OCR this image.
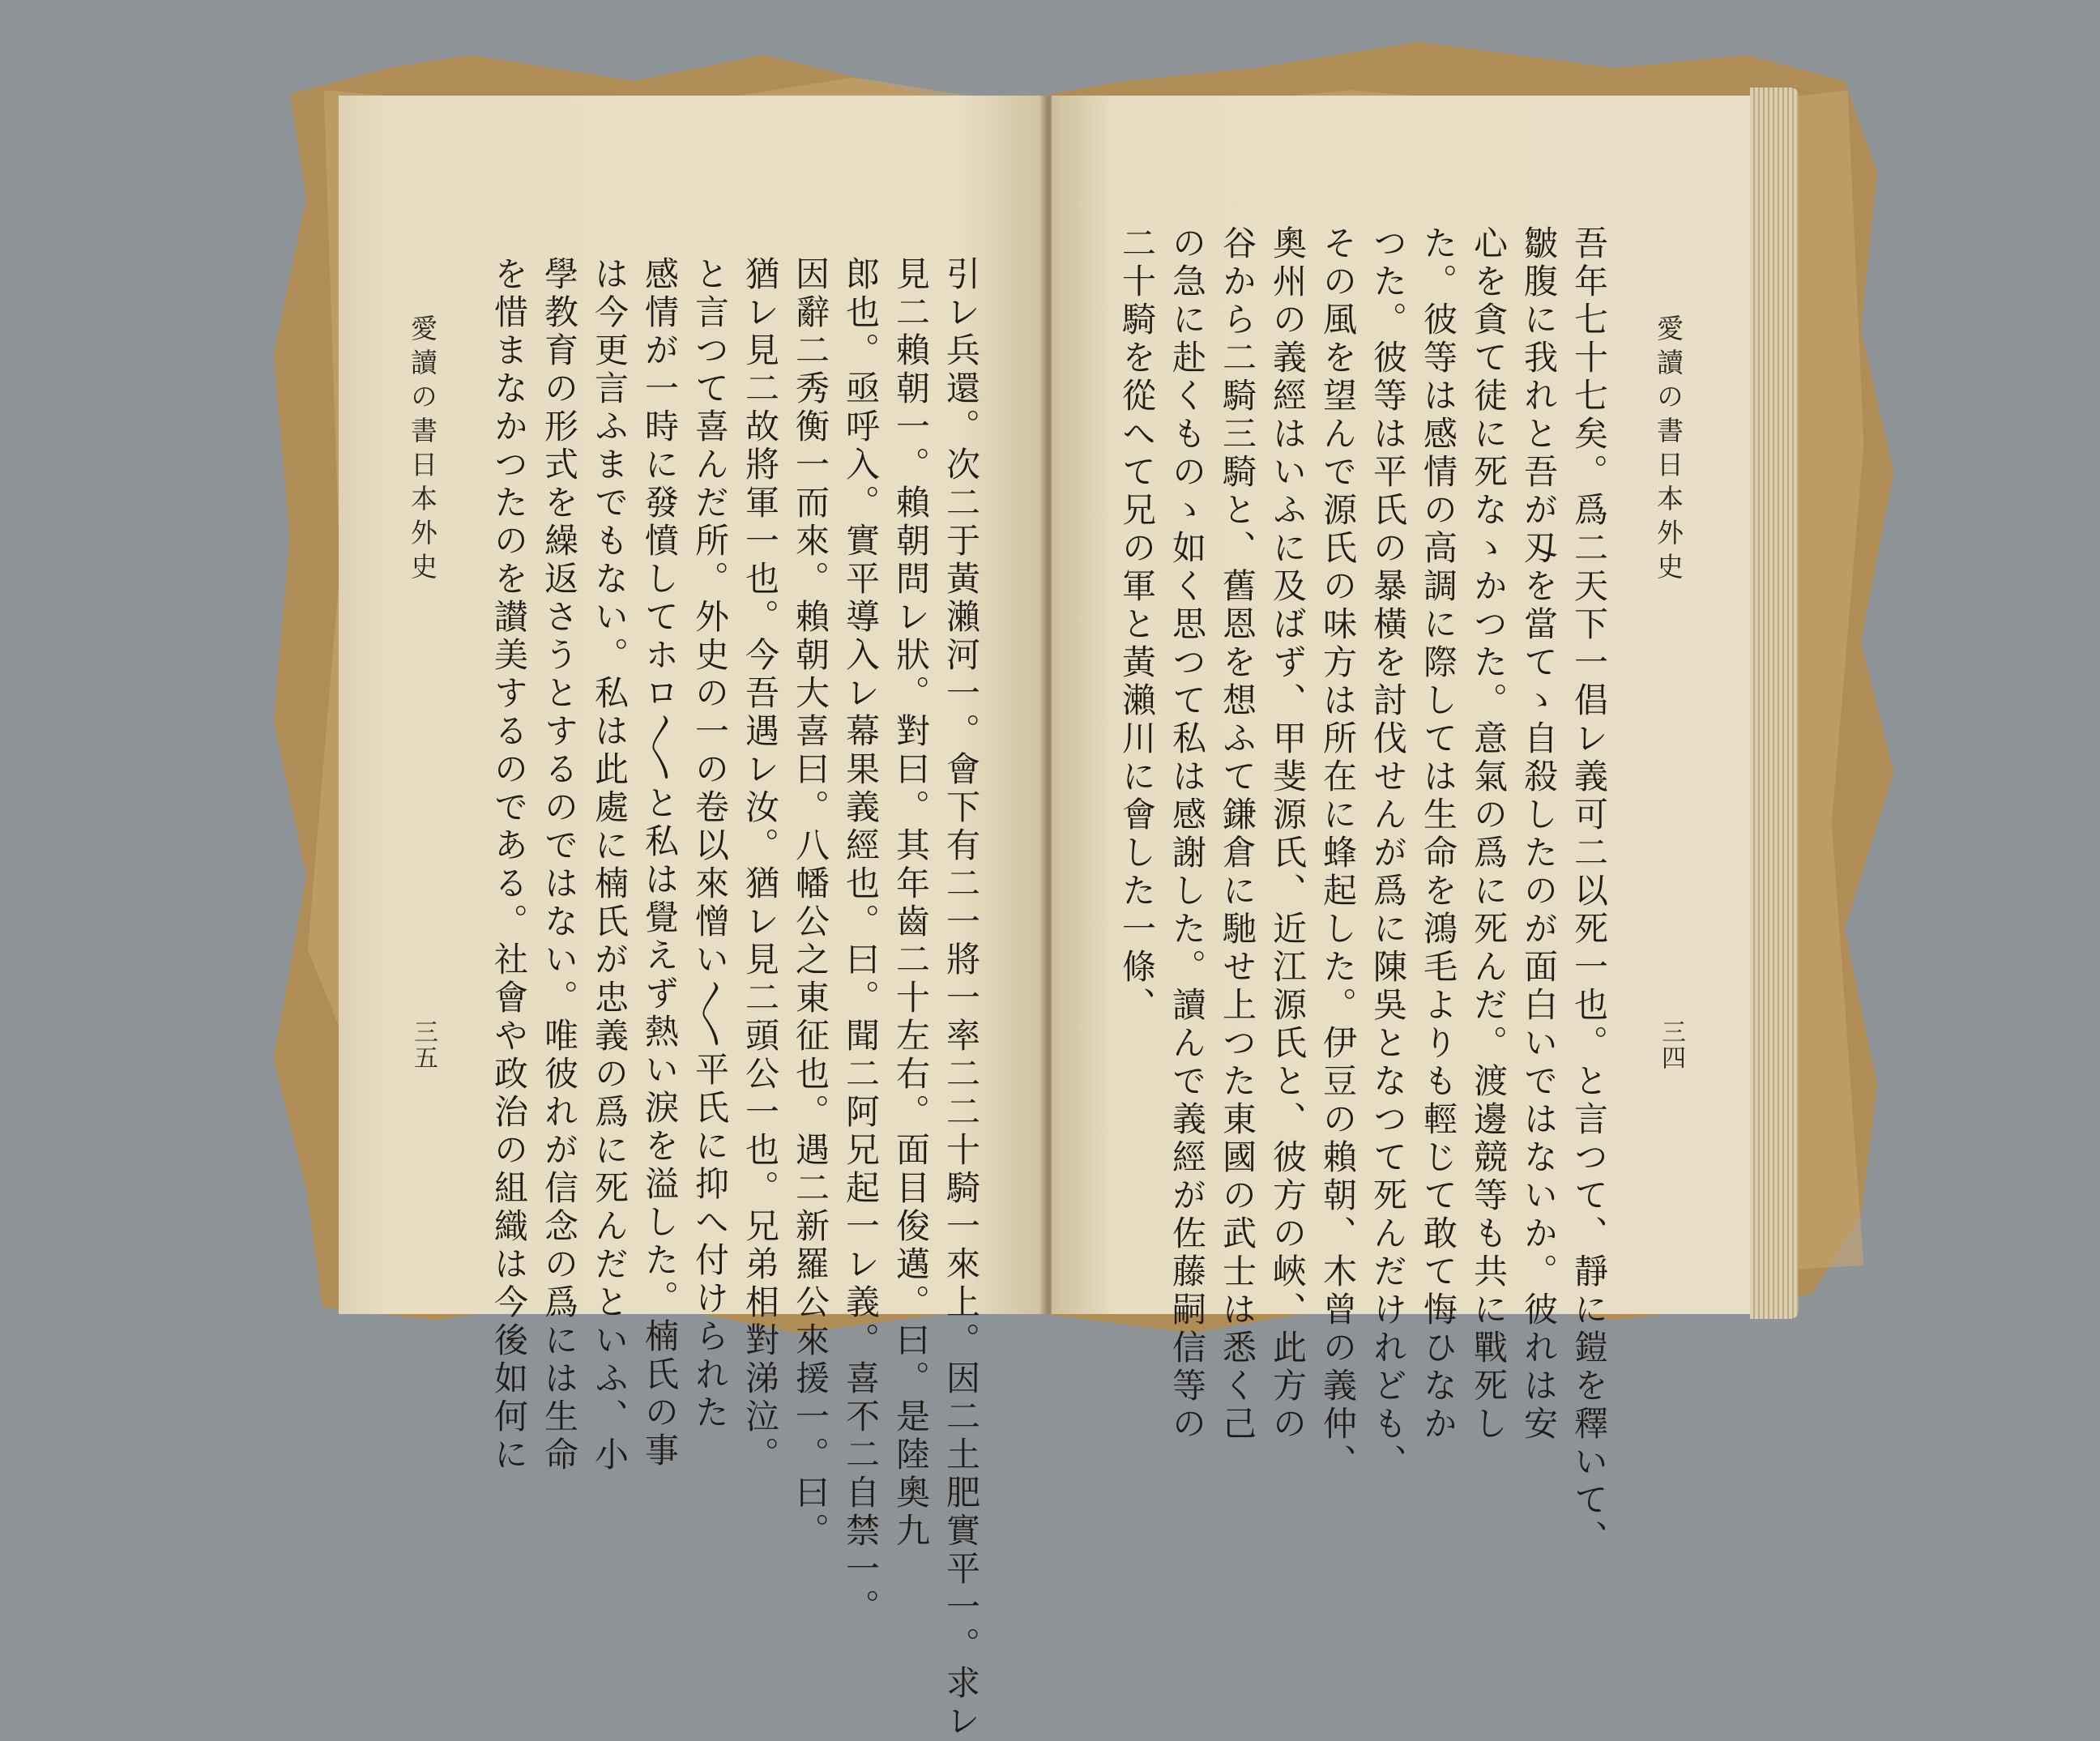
引レ兵還。次二于黃瀨河一。會下有二一將一率二二十騎一來上。因二土肥實平一。求レ
見二賴朝一。賴朝問レ狀。對曰。其年齒二十左右。面目俊邁。曰。是陸奧九
郎也。亟呼入。實平導入レ幕果義經也。曰。聞二阿兄起一レ義。喜不二自禁一。
因辭二秀衡一而來。賴朝大喜曰。八幡公之東征也。遇二新羅公來援一。曰。
猶レ見二故將軍一也。今吾遇レ汝。猶レ見二頭公一也。兄弟相對涕泣。
と言つて喜んだ所。外史の一の卷以來憎い〳〵平氏に抑へ付けられた
感情が一時に發憤してホロ〳〵と私は覺えず熱い淚を溢した。楠氏の事
は今更言ふまでもない。私は此處に楠氏が忠義の爲に死んだといふ、小
學教育の形式を繰返さうとするのではない。唯彼れが信念の爲には生命
を惜まなかつたのを讃美するのである。社會や政治の組織は今後如何に
愛讀の書日本外史
三五
愛讀の書日本外史
三四
吾年七十七矣。爲二天下一倡レ義可二以死一也。と言つて、靜に鎧を釋いて、
皺腹に我れと吾が刄を當てゝ自殺したのが面白いではないか。彼れは安
心を貪て徒に死なゝかつた。意氣の爲に死んだ。渡邊競等も共に戰死し
た。彼等は感情の高調に際しては生命を鴻毛よりも輕じて敢て悔ひなか
つた。彼等は平氏の暴橫を討伐せんが爲に陳吳となつて死んだけれども、
その風を望んで源氏の味方は所在に蜂起した。伊豆の賴朝、木曾の義仲、
奧州の義經はいふに及ばず、甲斐源氏、近江源氏と、彼方の峽、此方の
谷から二騎三騎と、舊恩を想ふて鎌倉に馳せ上つた東國の武士は悉く己
の急に赴くものゝ如く思つて私は感謝した。讀んで義經が佐藤嗣信等の
二十騎を從へて兄の軍と黃瀨川に會した一條、
